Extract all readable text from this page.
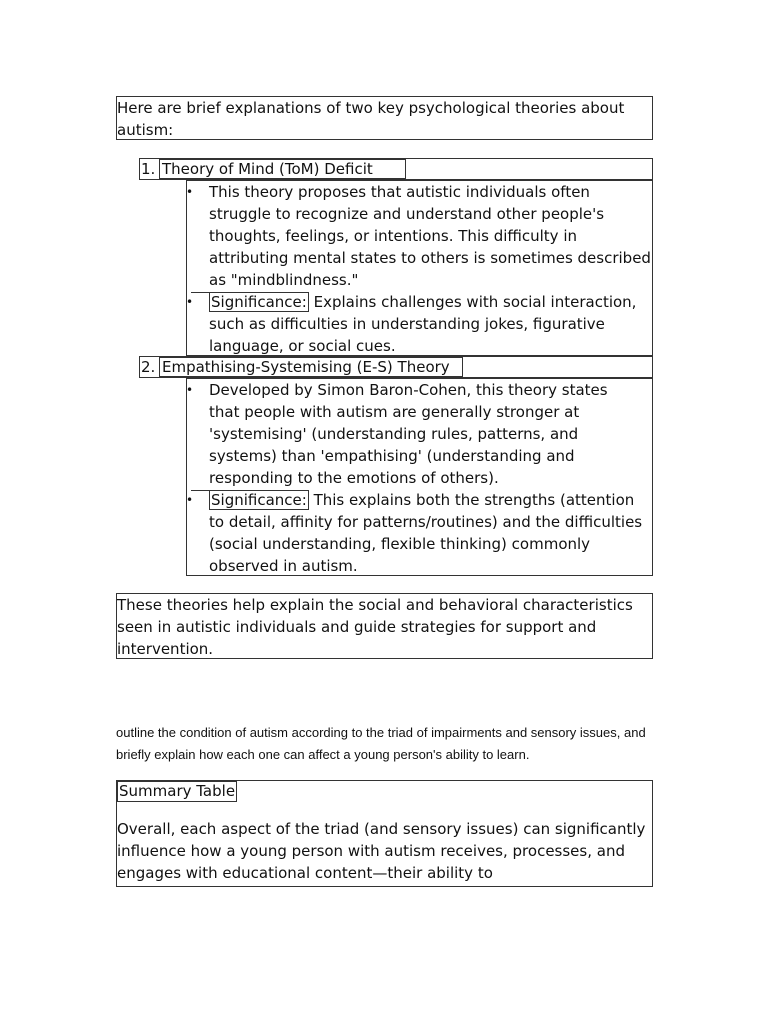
Here are brief explanations of two key psychological theories about autism:

1. Theory of Mind (ToM) Deficit
• This theory proposes that autistic individuals often struggle to recognize and understand other people's thoughts, feelings, or intentions. This difficulty in attributing mental states to others is sometimes described as "mindblindness."
• Significance: Explains challenges with social interaction, such as difficulties in understanding jokes, figurative language, or social cues.
2. Empathising-Systemising (E-S) Theory
• Developed by Simon Baron-Cohen, this theory states that people with autism are generally stronger at 'systemising' (understanding rules, patterns, and systems) than 'empathising' (understanding and responding to the emotions of others).
• Significance: This explains both the strengths (attention to detail, affinity for patterns/routines) and the difficulties (social understanding, flexible thinking) commonly observed in autism.

These theories help explain the social and behavioral characteristics seen in autistic individuals and guide strategies for support and intervention.

outline the condition of autism according to the triad of impairments and sensory issues, and briefly explain how each one can affect a young person's ability to learn.
Summary Table

Overall, each aspect of the triad (and sensory issues) can significantly influence how a young person with autism receives, processes, and engages with educational content—their ability to
